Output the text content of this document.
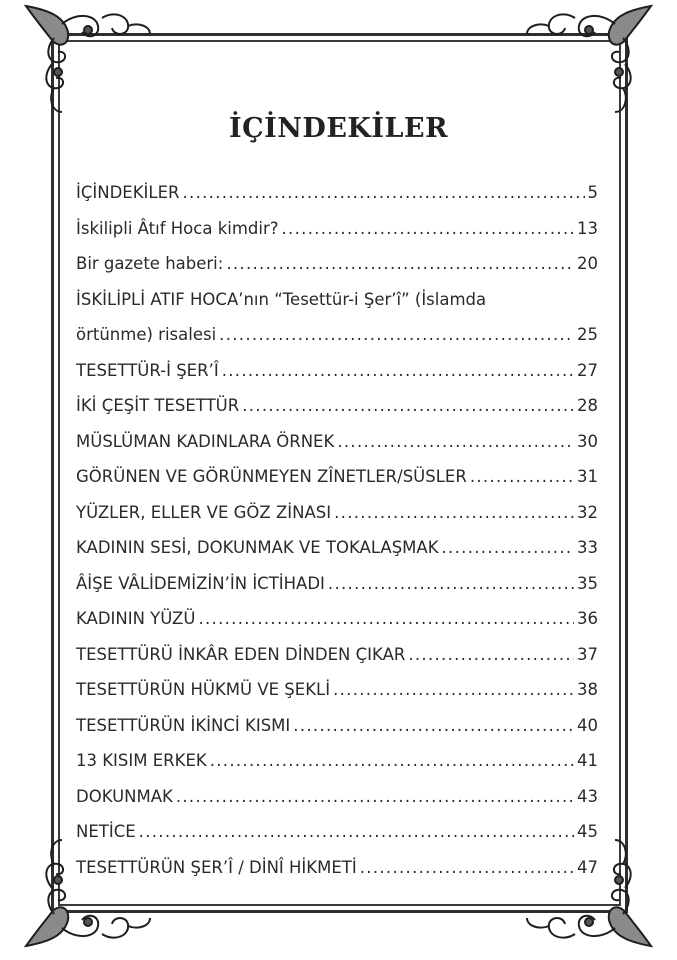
İÇİNDEKİLER
İÇİNDEKİLER .....	5
İskilipli Âtıf Hoca kimdir? .....	13
Bir gazete haberi: .....	20
İSKİLİPLİ ATIF HOCA’nın “Tesettür-i Şer’î” (İslamda
örtünme) risalesi .....	25
TESETTÜR-İ ŞER’Î .....	27
İKİ ÇEŞİT TESETTÜR .....	28
MÜSLÜMAN KADINLARA ÖRNEK .....	30
GÖRÜNEN VE GÖRÜNMEYEN ZÎNETLER/SÜSLER .....	31
YÜZLER, ELLER VE GÖZ ZİNASI .....	32
KADININ SESİ, DOKUNMAK VE TOKALAŞMAK .....	33
ÂİŞE VÂLİDEMİZİN’İN İCTİHADI .....	35
KADININ YÜZÜ .....	36
TESETTÜRÜ İNKÂR EDEN DİNDEN ÇIKAR .....	37
TESETTÜRÜN HÜKMÜ VE ŞEKLİ .....	38
TESETTÜRÜN İKİNCİ KISMI .....	40
13 KISIM ERKEK .....	41
DOKUNMAK .....	43
NETİCE .....	45
TESETTÜRÜN ŞER’Î / DİNÎ HİKMETİ .....	47
